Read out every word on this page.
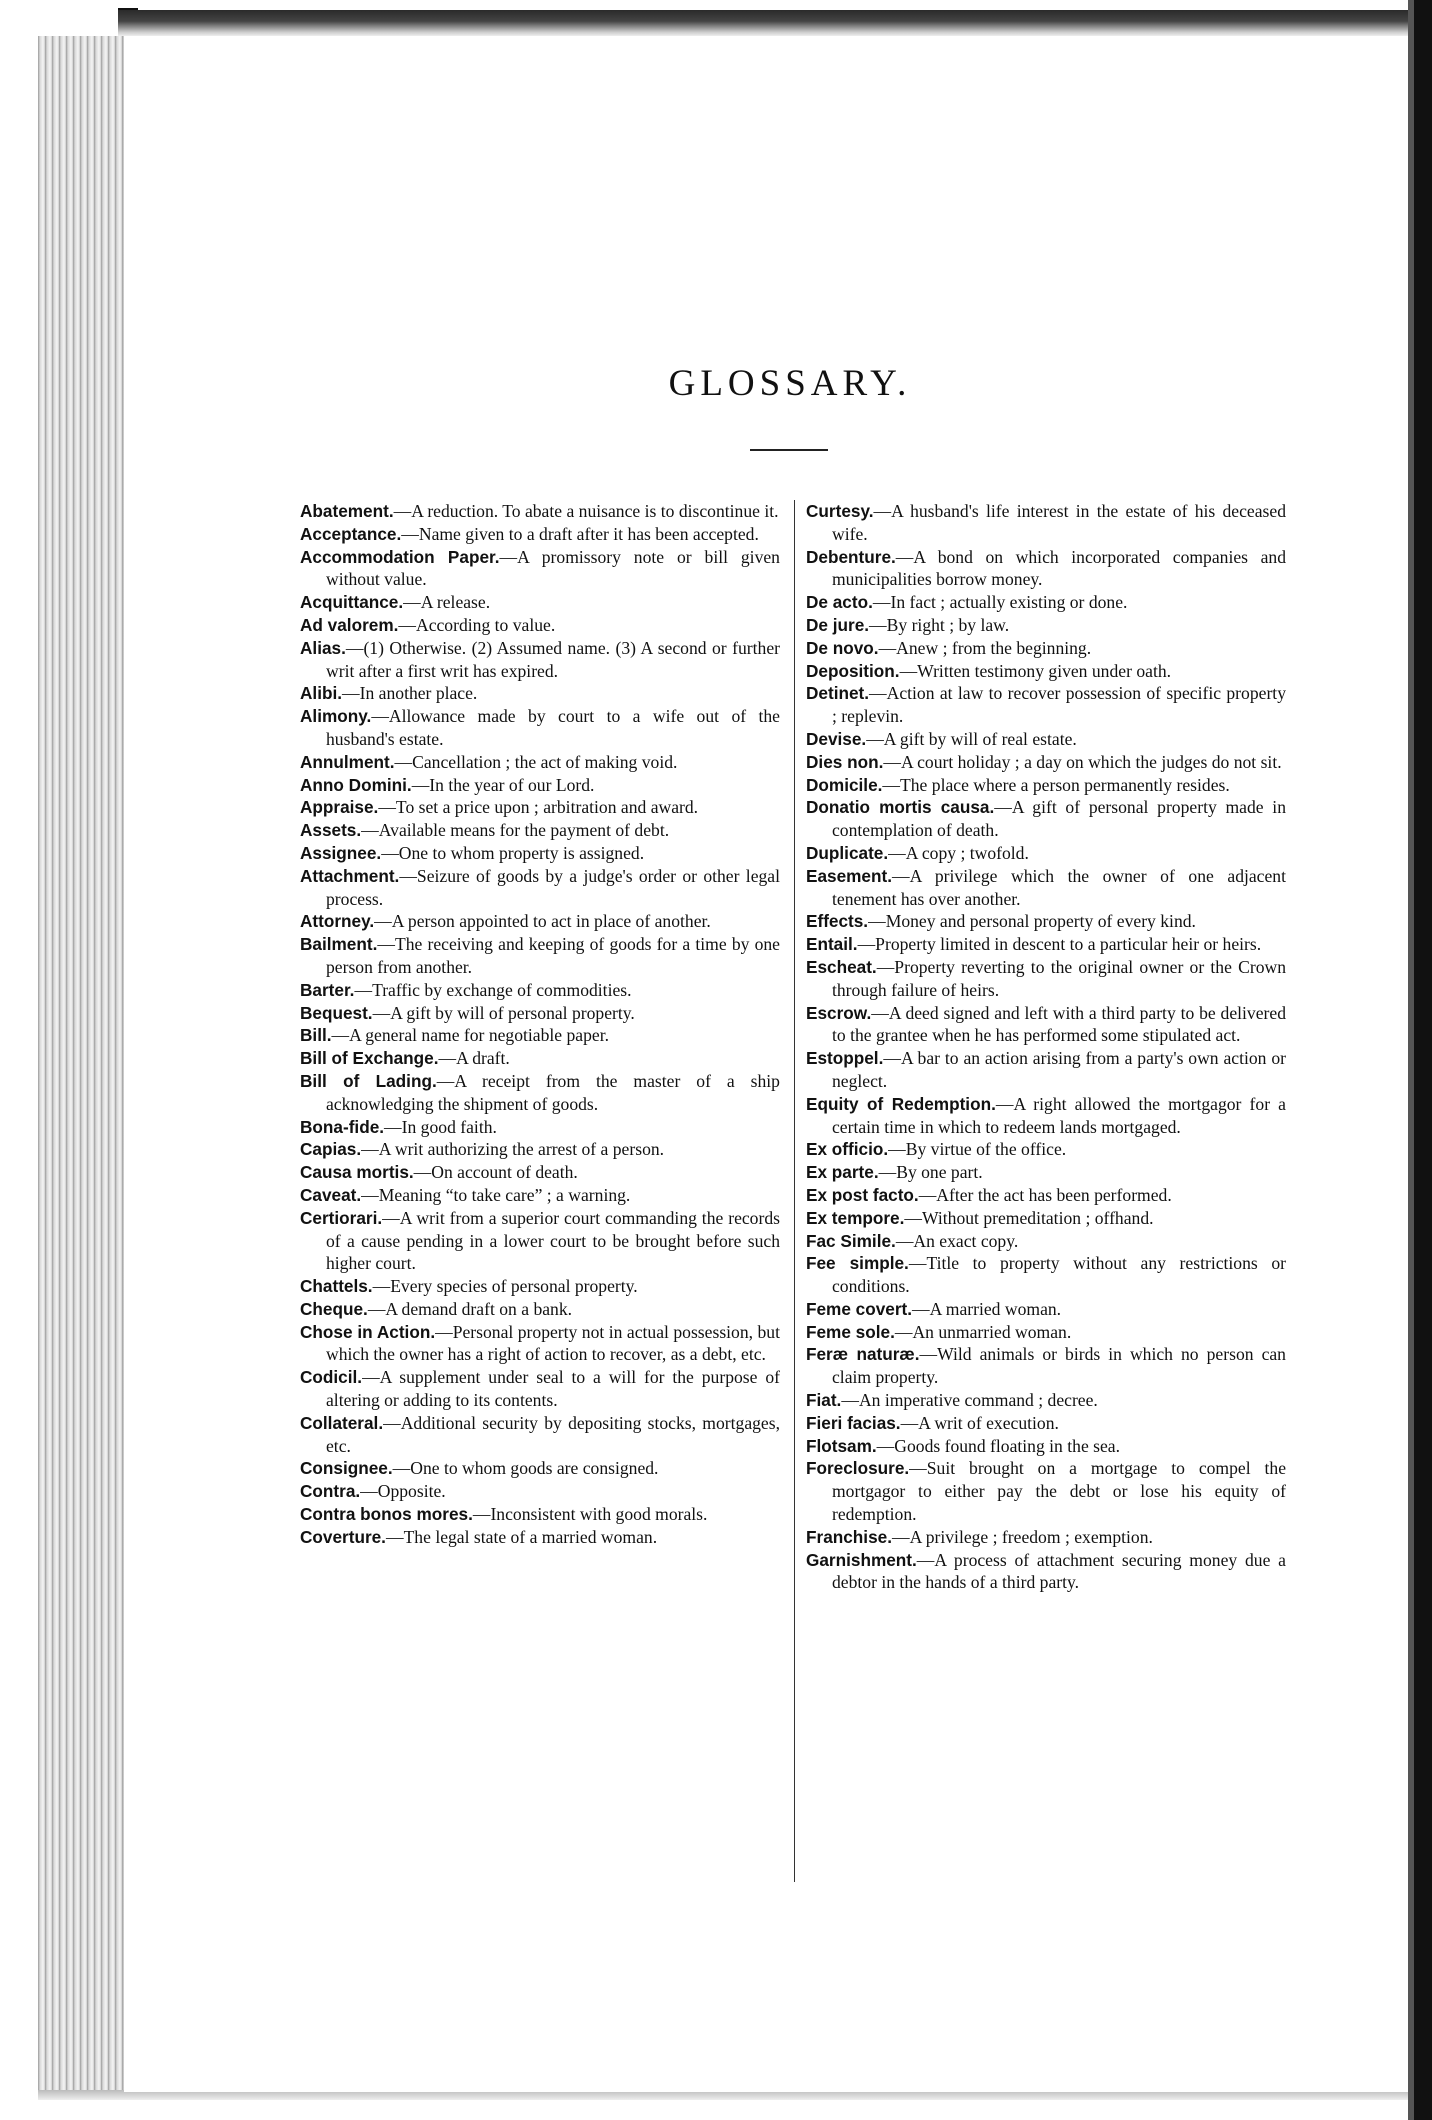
GLOSSARY.

Abatement.—A reduction. To abate a nuisance is to discontinue it.

Acceptance.—Name given to a draft after it has been accepted.

Accommodation Paper.—A promissory note or bill given without value.

Acquittance.—A release.

Ad valorem.—According to value.

Alias.—(1) Otherwise. (2) Assumed name. (3) A second or further writ after a first writ has expired.

Alibi.—In another place.

Alimony.—Allowance made by court to a wife out of the husband's estate.

Annulment.—Cancellation ; the act of making void.

Anno Domini.—In the year of our Lord.

Appraise.—To set a price upon ; arbitration and award.

Assets.—Available means for the payment of debt.

Assignee.—One to whom property is assigned.

Attachment.—Seizure of goods by a judge's order or other legal process.

Attorney.—A person appointed to act in place of another.

Bailment.—The receiving and keeping of goods for a time by one person from another.

Barter.—Traffic by exchange of commodities.

Bequest.—A gift by will of personal property.

Bill.—A general name for negotiable paper.

Bill of Exchange.—A draft.

Bill of Lading.—A receipt from the master of a ship acknowledging the shipment of goods.

Bona-fide.—In good faith.

Capias.—A writ authorizing the arrest of a person.

Causa mortis.—On account of death.

Caveat.—Meaning “to take care” ; a warning.

Certiorari.—A writ from a superior court commanding the records of a cause pending in a lower court to be brought before such higher court.

Chattels.—Every species of personal property.

Cheque.—A demand draft on a bank.

Chose in Action.—Personal property not in actual possession, but which the owner has a right of action to recover, as a debt, etc.

Codicil.—A supplement under seal to a will for the purpose of altering or adding to its contents.

Collateral.—Additional security by depositing stocks, mortgages, etc.

Consignee.—One to whom goods are consigned.

Contra.—Opposite.

Contra bonos mores.—Inconsistent with good morals.

Coverture.—The legal state of a married woman.

Curtesy.—A husband's life interest in the estate of his deceased wife.

Debenture.—A bond on which incorporated companies and municipalities borrow money.

De acto.—In fact ; actually existing or done.

De jure.—By right ; by law.

De novo.—Anew ; from the beginning.

Deposition.—Written testimony given under oath.

Detinet.—Action at law to recover possession of specific property ; replevin.

Devise.—A gift by will of real estate.

Dies non.—A court holiday ; a day on which the judges do not sit.

Domicile.—The place where a person permanently resides.

Donatio mortis causa.—A gift of personal property made in contemplation of death.

Duplicate.—A copy ; twofold.

Easement.—A privilege which the owner of one adjacent tenement has over another.

Effects.—Money and personal property of every kind.

Entail.—Property limited in descent to a particular heir or heirs.

Escheat.—Property reverting to the original owner or the Crown through failure of heirs.

Escrow.—A deed signed and left with a third party to be delivered to the grantee when he has performed some stipulated act.

Estoppel.—A bar to an action arising from a party's own action or neglect.

Equity of Redemption.—A right allowed the mortgagor for a certain time in which to redeem lands mortgaged.

Ex officio.—By virtue of the office.

Ex parte.—By one part.

Ex post facto.—After the act has been performed.

Ex tempore.—Without premeditation ; offhand.

Fac Simile.—An exact copy.

Fee simple.—Title to property without any restrictions or conditions.

Feme covert.—A married woman.

Feme sole.—An unmarried woman.

Feræ naturæ.—Wild animals or birds in which no person can claim property.

Fiat.—An imperative command ; decree.

Fieri facias.—A writ of execution.

Flotsam.—Goods found floating in the sea.

Foreclosure.—Suit brought on a mortgage to compel the mortgagor to either pay the debt or lose his equity of redemption.

Franchise.—A privilege ; freedom ; exemption.

Garnishment.—A process of attachment securing money due a debtor in the hands of a third party.
